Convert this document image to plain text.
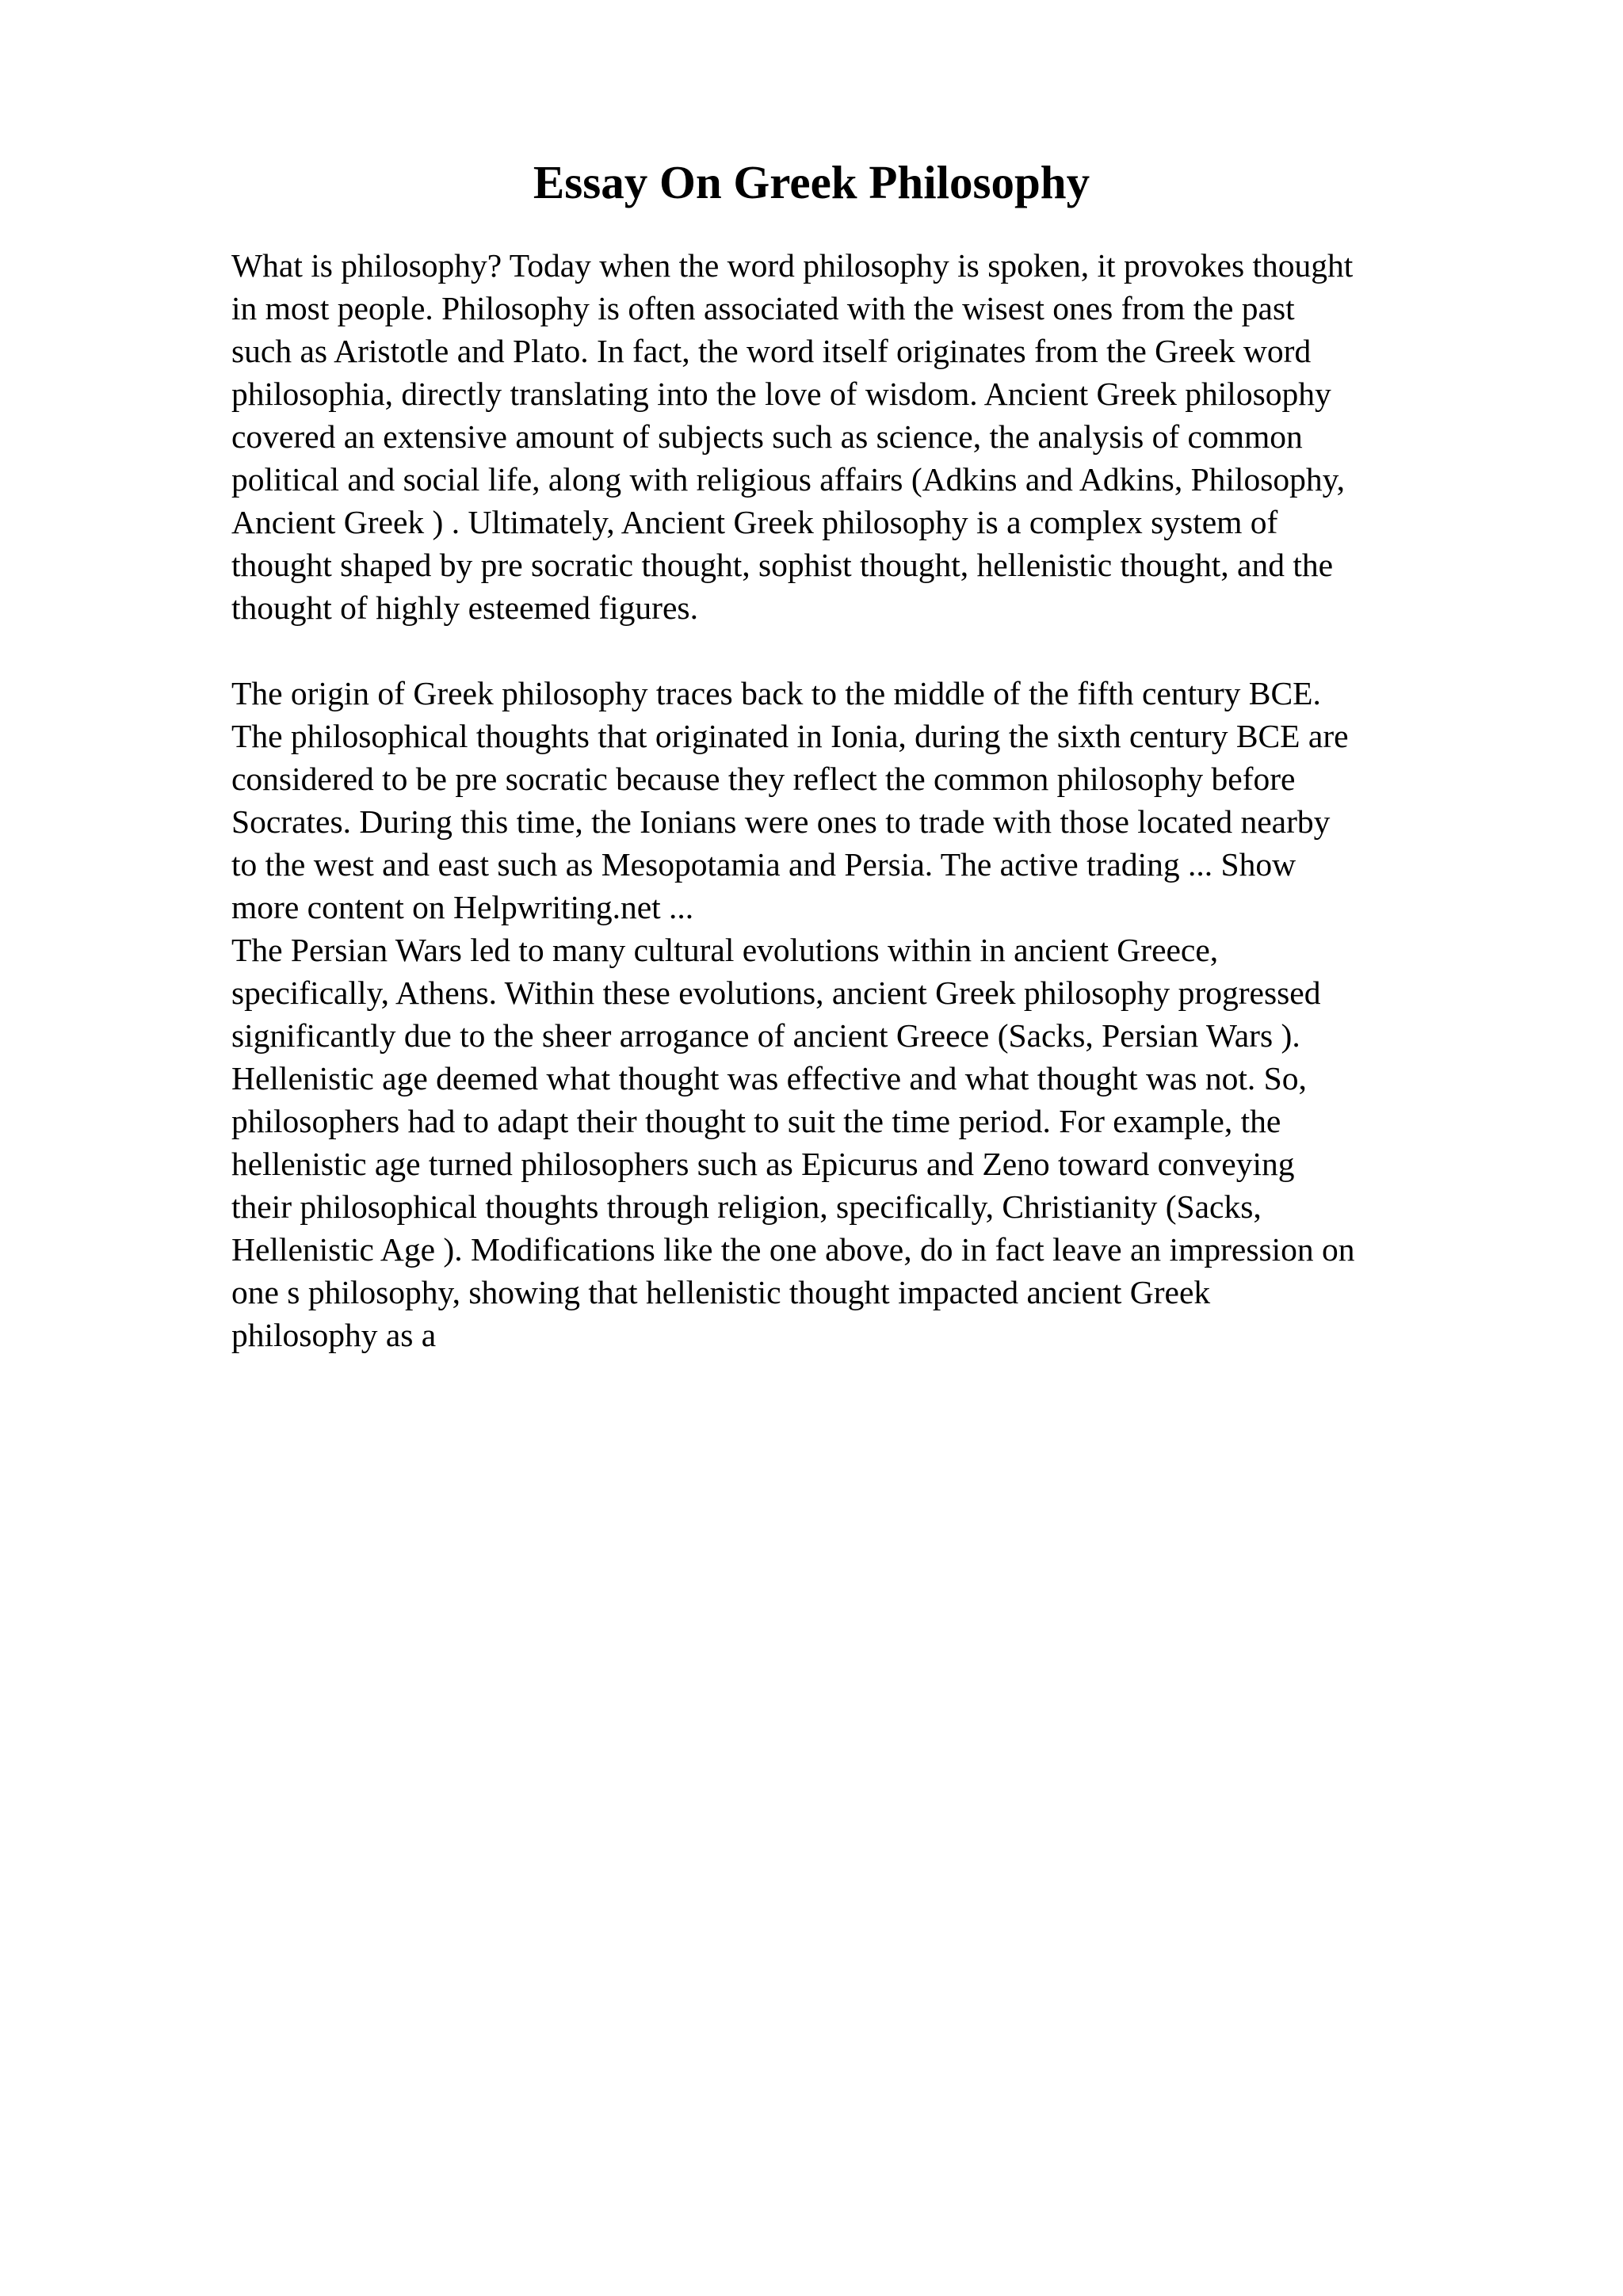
Essay On Greek Philosophy
What is philosophy? Today when the word philosophy is spoken, it provokes thought
in most people. Philosophy is often associated with the wisest ones from the past
such as Aristotle and Plato. In fact, the word itself originates from the Greek word
philosophia, directly translating into the love of wisdom. Ancient Greek philosophy
covered an extensive amount of subjects such as science, the analysis of common
political and social life, along with religious affairs (Adkins and Adkins, Philosophy,
Ancient Greek ) . Ultimately, Ancient Greek philosophy is a complex system of
thought shaped by pre socratic thought, sophist thought, hellenistic thought, and the
thought of highly esteemed figures.
The origin of Greek philosophy traces back to the middle of the fifth century BCE.
The philosophical thoughts that originated in Ionia, during the sixth century BCE are
considered to be pre socratic because they reflect the common philosophy before
Socrates. During this time, the Ionians were ones to trade with those located nearby
to the west and east such as Mesopotamia and Persia. The active trading ... Show
more content on Helpwriting.net ...
The Persian Wars led to many cultural evolutions within in ancient Greece,
specifically, Athens. Within these evolutions, ancient Greek philosophy progressed
significantly due to the sheer arrogance of ancient Greece (Sacks, Persian Wars ).
Hellenistic age deemed what thought was effective and what thought was not. So,
philosophers had to adapt their thought to suit the time period. For example, the
hellenistic age turned philosophers such as Epicurus and Zeno toward conveying
their philosophical thoughts through religion, specifically, Christianity (Sacks,
Hellenistic Age ). Modifications like the one above, do in fact leave an impression on
one s philosophy, showing that hellenistic thought impacted ancient Greek
philosophy as a
